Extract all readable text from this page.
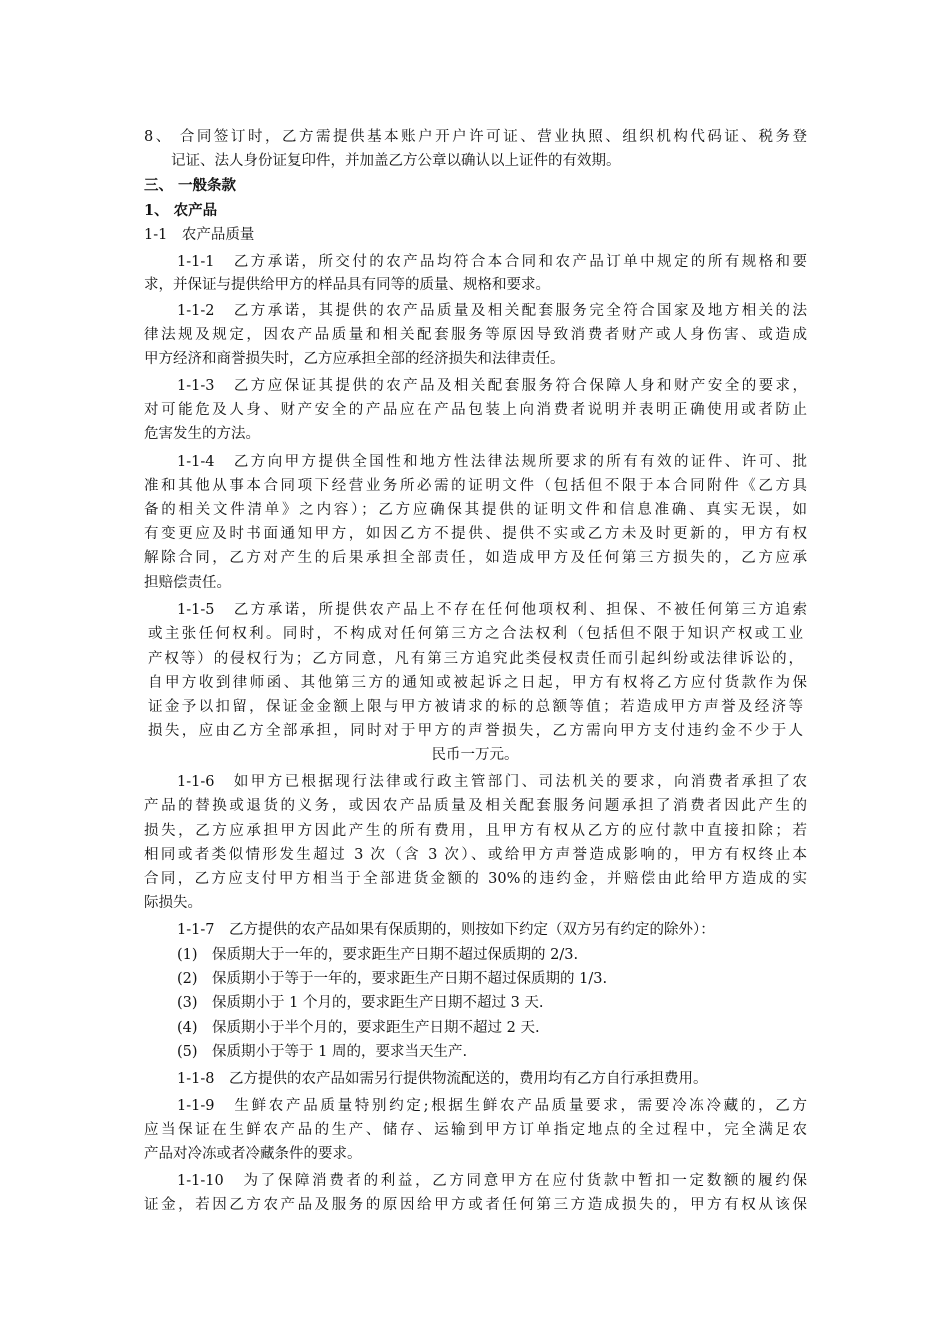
8、 合同签订时，乙方需提供基本账户开户许可证、营业执照、组织机构代码证、税务登
记证、法人身份证复印件，并加盖乙方公章以确认以上证件的有效期。
三、 一般条款
1、 农产品
1-1　农产品质量
1-1-1　乙方承诺，所交付的农产品均符合本合同和农产品订单中规定的所有规格和要
求，并保证与提供给甲方的样品具有同等的质量、规格和要求。
1-1-2　乙方承诺，其提供的农产品质量及相关配套服务完全符合国家及地方相关的法
律法规及规定，因农产品质量和相关配套服务等原因导致消费者财产或人身伤害、或造成
甲方经济和商誉损失时，乙方应承担全部的经济损失和法律责任。
1-1-3　乙方应保证其提供的农产品及相关配套服务符合保障人身和财产安全的要求，
对可能危及人身、财产安全的产品应在产品包装上向消费者说明并表明正确使用或者防止
危害发生的方法。
1-1-4　乙方向甲方提供全国性和地方性法律法规所要求的所有有效的证件、许可、批
准和其他从事本合同项下经营业务所必需的证明文件（包括但不限于本合同附件《乙方具
备的相关文件清单》之内容）；乙方应确保其提供的证明文件和信息准确、真实无误，如
有变更应及时书面通知甲方，如因乙方不提供、提供不实或乙方未及时更新的，甲方有权
解除合同，乙方对产生的后果承担全部责任，如造成甲方及任何第三方损失的，乙方应承
担赔偿责任。
1-1-5　乙方承诺，所提供农产品上不存在任何他项权利、担保、不被任何第三方追索
或主张任何权利。同时，不构成对任何第三方之合法权利（包括但不限于知识产权或工业
产权等）的侵权行为；乙方同意，凡有第三方追究此类侵权责任而引起纠纷或法律诉讼的，
自甲方收到律师函、其他第三方的通知或被起诉之日起，甲方有权将乙方应付货款作为保
证金予以扣留，保证金金额上限与甲方被请求的标的总额等值；若造成甲方声誉及经济等
损失，应由乙方全部承担，同时对于甲方的声誉损失，乙方需向甲方支付违约金不少于人
民币一万元。
1-1-6　如甲方已根据现行法律或行政主管部门、司法机关的要求，向消费者承担了农
产品的替换或退货的义务，或因农产品质量及相关配套服务问题承担了消费者因此产生的
损失，乙方应承担甲方因此产生的所有费用，且甲方有权从乙方的应付款中直接扣除；若
相同或者类似情形发生超过 3 次（含 3 次）、或给甲方声誉造成影响的，甲方有权终止本
合同，乙方应支付甲方相当于全部进货金额的 30%的违约金，并赔偿由此给甲方造成的实
际损失。
1-1-7　乙方提供的农产品如果有保质期的，则按如下约定（双方另有约定的除外）：
(1)　保质期大于一年的，要求距生产日期不超过保质期的 2/3.
(2)　保质期小于等于一年的，要求距生产日期不超过保质期的 1/3.
(3)　保质期小于 1 个月的，要求距生产日期不超过 3 天.
(4)　保质期小于半个月的，要求距生产日期不超过 2 天.
(5)　保质期小于等于 1 周的，要求当天生产.
1-1-8　乙方提供的农产品如需另行提供物流配送的，费用均有乙方自行承担费用。
1-1-9　生鲜农产品质量特别约定;根据生鲜农产品质量要求，需要冷冻冷藏的，乙方
应当保证在生鲜农产品的生产、储存、运输到甲方订单指定地点的全过程中，完全满足农
产品对冷冻或者冷藏条件的要求。
1-1-10　为了保障消费者的利益，乙方同意甲方在应付货款中暂扣一定数额的履约保
证金，若因乙方农产品及服务的原因给甲方或者任何第三方造成损失的，甲方有权从该保
